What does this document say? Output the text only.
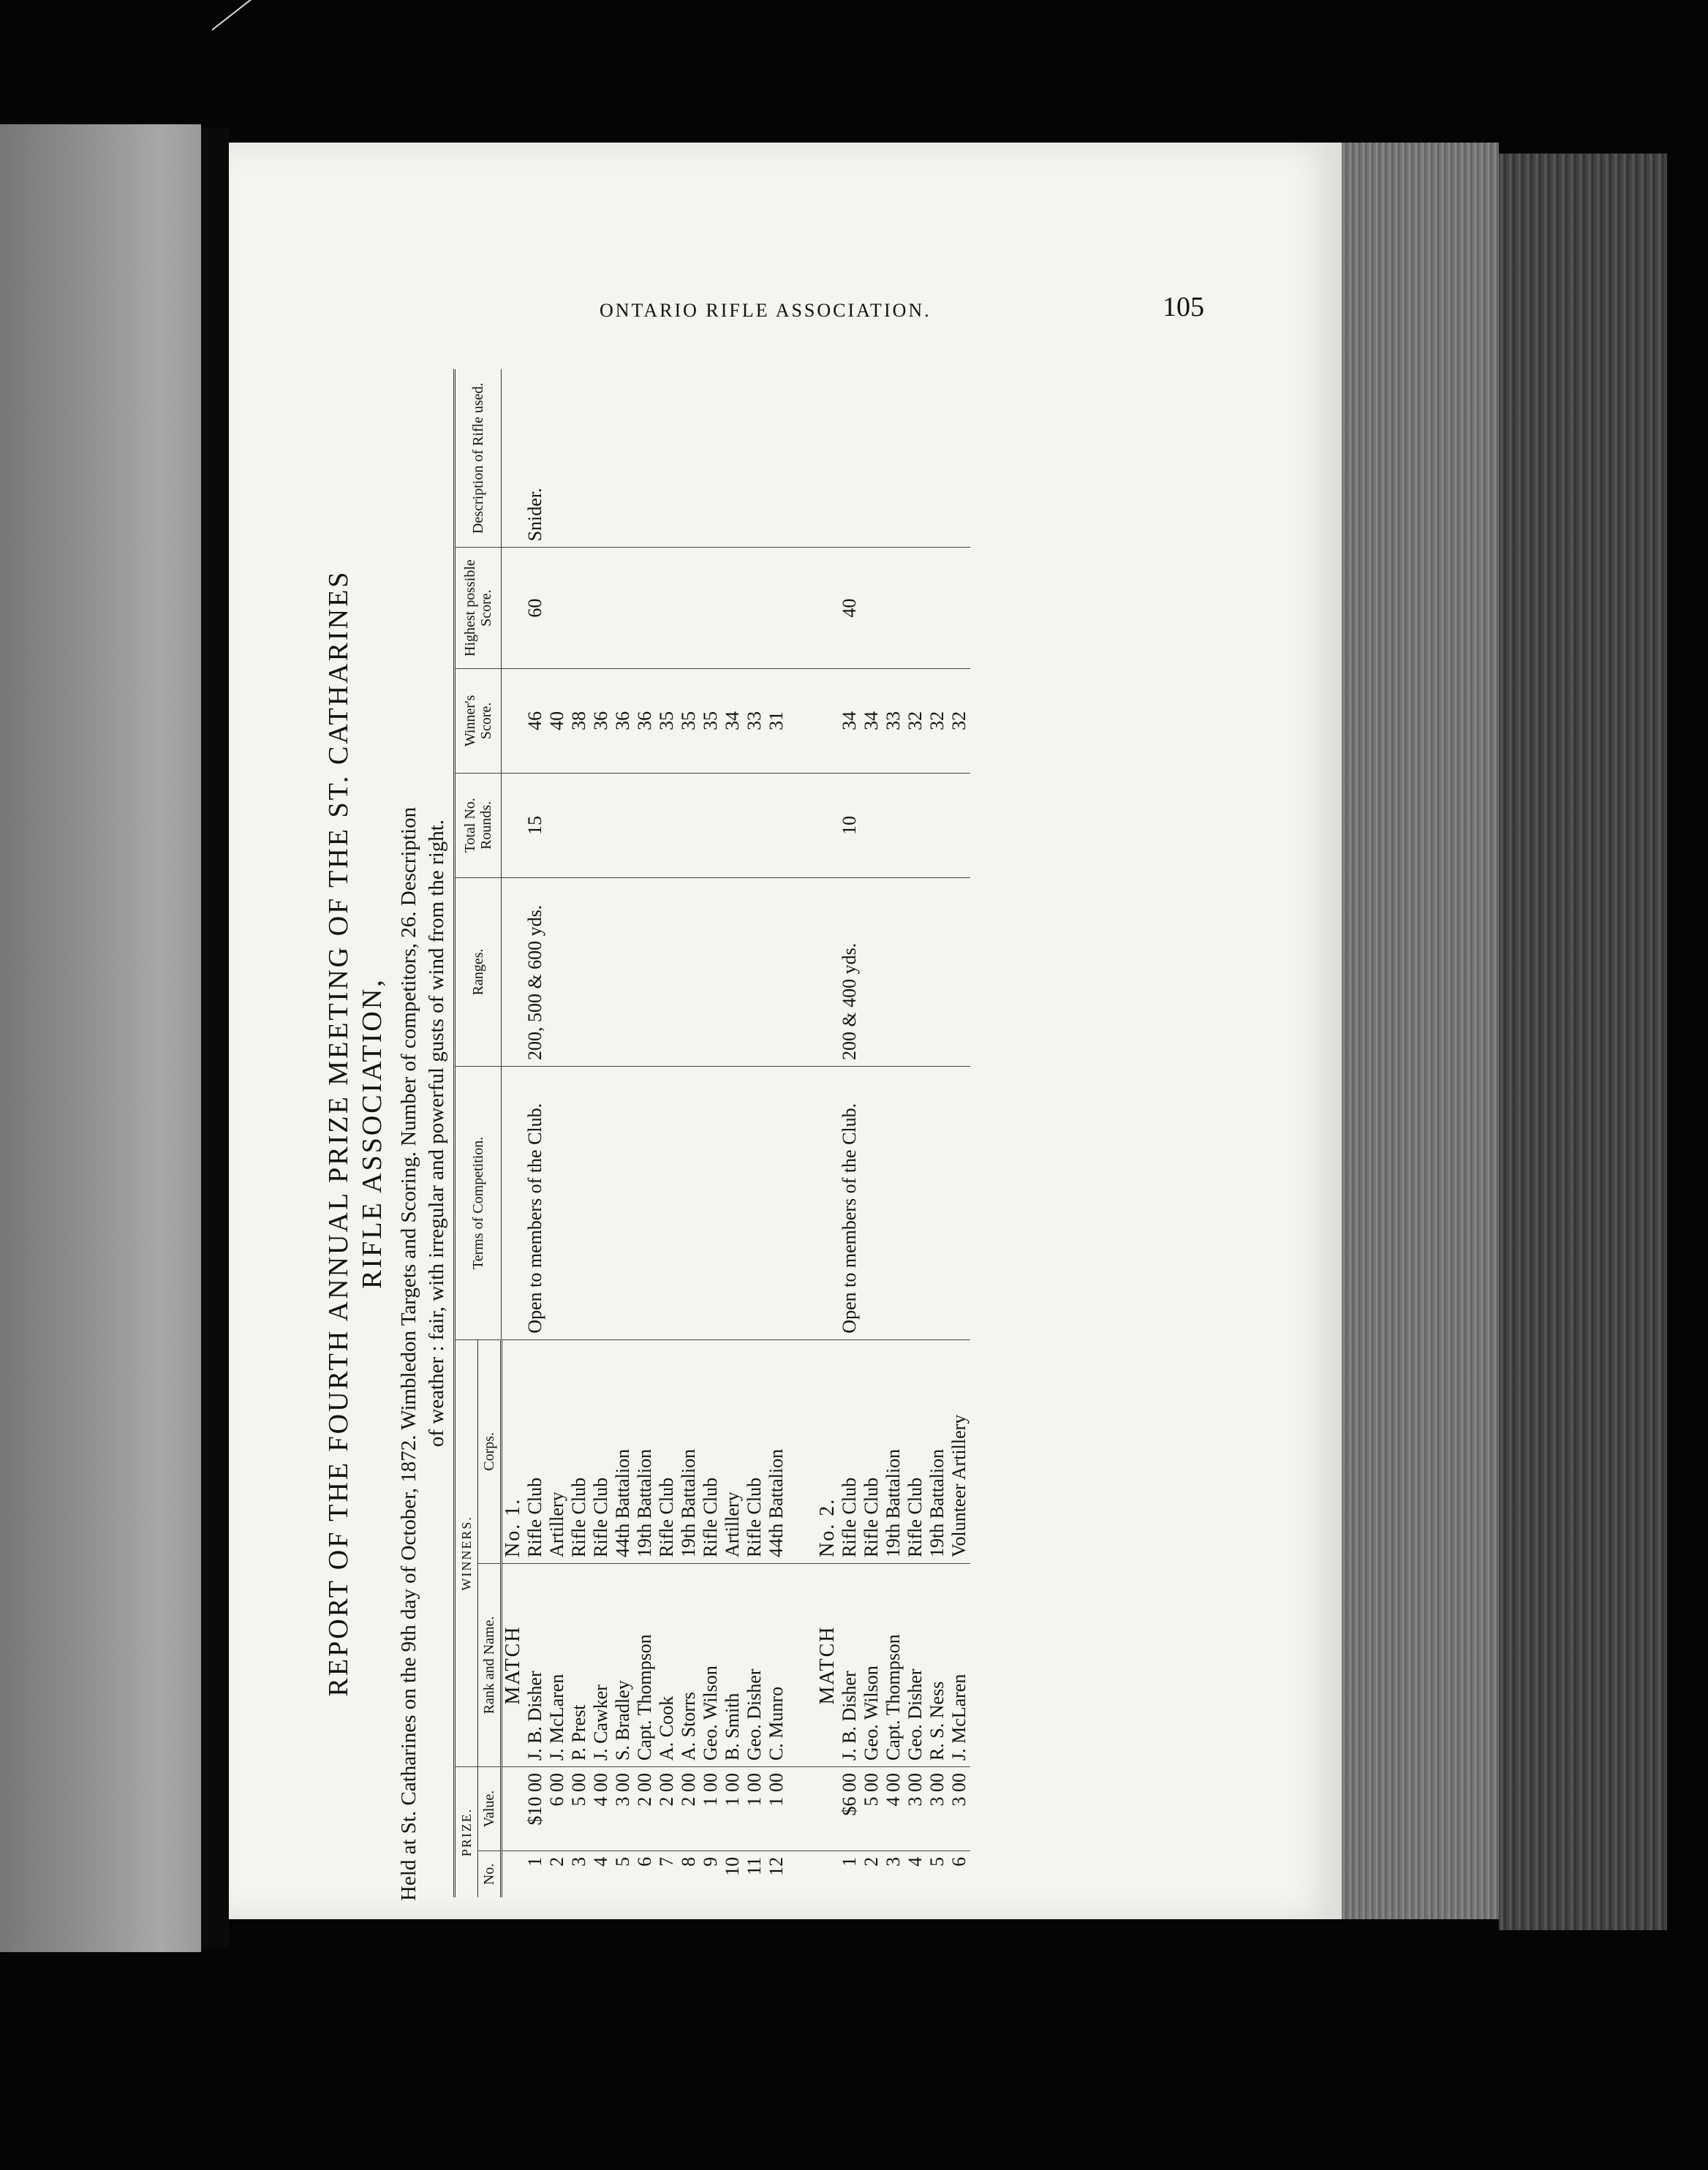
ONTARIO RIFLE ASSOCIATION.	105
REPORT OF THE FOURTH ANNUAL PRIZE MEETING OF THE ST. CATHARINES RIFLE ASSOCIATION, Held at St. Catharines on the 9th day of October, 1872. Wimbledon Targets and Scoring. Number of competitors, 26. Description of weather : fair, with irregular and powerful gusts of wind from the right.
PRIZE.		WINNERS.		Terms of Competition.	Ranges.	Total No. Rounds.	Winner's Score.	Highest possible Score.	Description of Rifle used.
No.	Value.	Rank and Name.	Corps.						
		MATCH	No. 1.						
1	$10 00	J. B. Disher	Rifle Club	Open to members of the Club.	200, 500 & 600 yds.	15	46	60	Snider.
2	6 00	J. McLaren	Artillery				40		
3	5 00	P. Prest	Rifle Club				38		
4	4 00	J. Cawker	Rifle Club				36		
5	3 00	S. Bradley	44th Battalion				36		
6	2 00	Capt. Thompson	19th Battalion				36		
7	2 00	A. Cook	Rifle Club				35		
8	2 00	A. Storrs	19th Battalion				35		
9	1 00	Geo. Wilson	Rifle Club				35		
10	1 00	B. Smith	Artillery				34		
11	1 00	Geo. Disher	Rifle Club				33		
12	1 00	C. Munro	44th Battalion				31		

		MATCH	No. 2.						
1	$6 00	J. B. Disher	Rifle Club	Open to members of the Club.	200 & 400 yds.	10	34	40	
2	5 00	Geo. Wilson	Rifle Club				34		
3	4 00	Capt. Thompson	19th Battalion				33		
4	3 00	Geo. Disher	Rifle Club				32		
5	3 00	R. S. Ness	19th Battalion				32		
6	3 00	J. McLaren	Volunteer Artillery				32		
